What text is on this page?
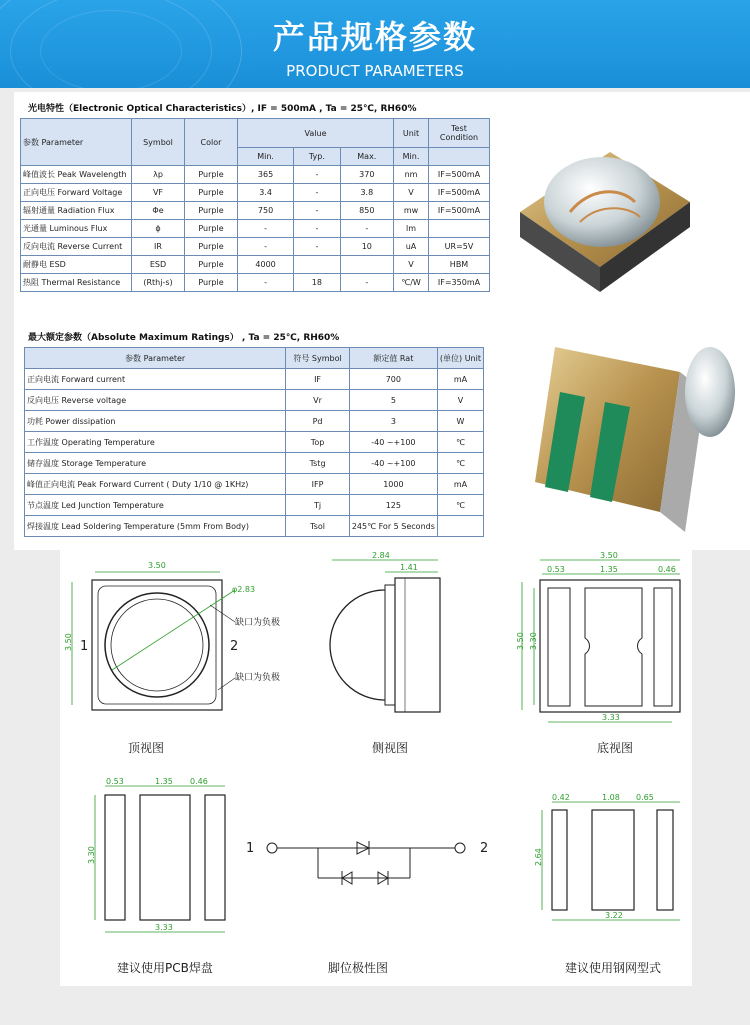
产品规格参数
PRODUCT PARAMETERS
光电特性（Electronic Optical Characteristics）, IF = 500mA , Ta = 25℃, RH60%
参数 Parameter	Symbol	Color	Value			Unit	Test Condition
			Min.	Typ.	Max.	Min.	
峰值波长 Peak Wavelength	λp	Purple	365	-	370	nm	IF=500mA
正向电压 Forward Voltage	VF	Purple	3.4	-	3.8	V	IF=500mA
辐射通量 Radiation Flux	Φe	Purple	750	-	850	mw	IF=500mA
光通量 Luminous Flux	ϕ	Purple	-	-	-	lm	
反向电流 Reverse Current	IR	Purple	-	-	10	uA	UR=5V
耐静电 ESD	ESD	Purple	4000			V	HBM
热阻 Thermal Resistance	(Rthj-s)	Purple	-	18	-	℃/W	IF=350mA
最大额定参数（Absolute Maximum Ratings） , Ta = 25℃, RH60%
参数 Parameter	符号 Symbol	额定值 Rat	(单位) Unit
正向电流 Forward current	IF	700	mA
反向电压 Reverse voltage	Vr	5	V
功耗 Power dissipation	Pd	3	W
工作温度 Operating Temperature	Top	-40 ~+100	℃
储存温度 Storage Temperature	Tstg	-40 ~+100	℃
峰值正向电流 Peak Forward Current ( Duty 1/10 @ 1KHz)	IFP	1000	mA
节点温度 Led Junction Temperature	Tj	125	℃
焊接温度 Lead Soldering Temperature (5mm From Body)	Tsol	245℃ For 5 Seconds	
3.50
3.50
φ2.83
1	2
缺口为负极
缺口为负极
顶视图
2.84
1.41
侧视图
3.50
0.53	1.35	0.46
3.50 3.30
3.33
底视图
0.53	1.35 0.46
3.30
3.33
建议使用PCB焊盘
1	2
脚位极性图
0.42	1.08 0.65
2.64
3.22
建议使用钢网型式
